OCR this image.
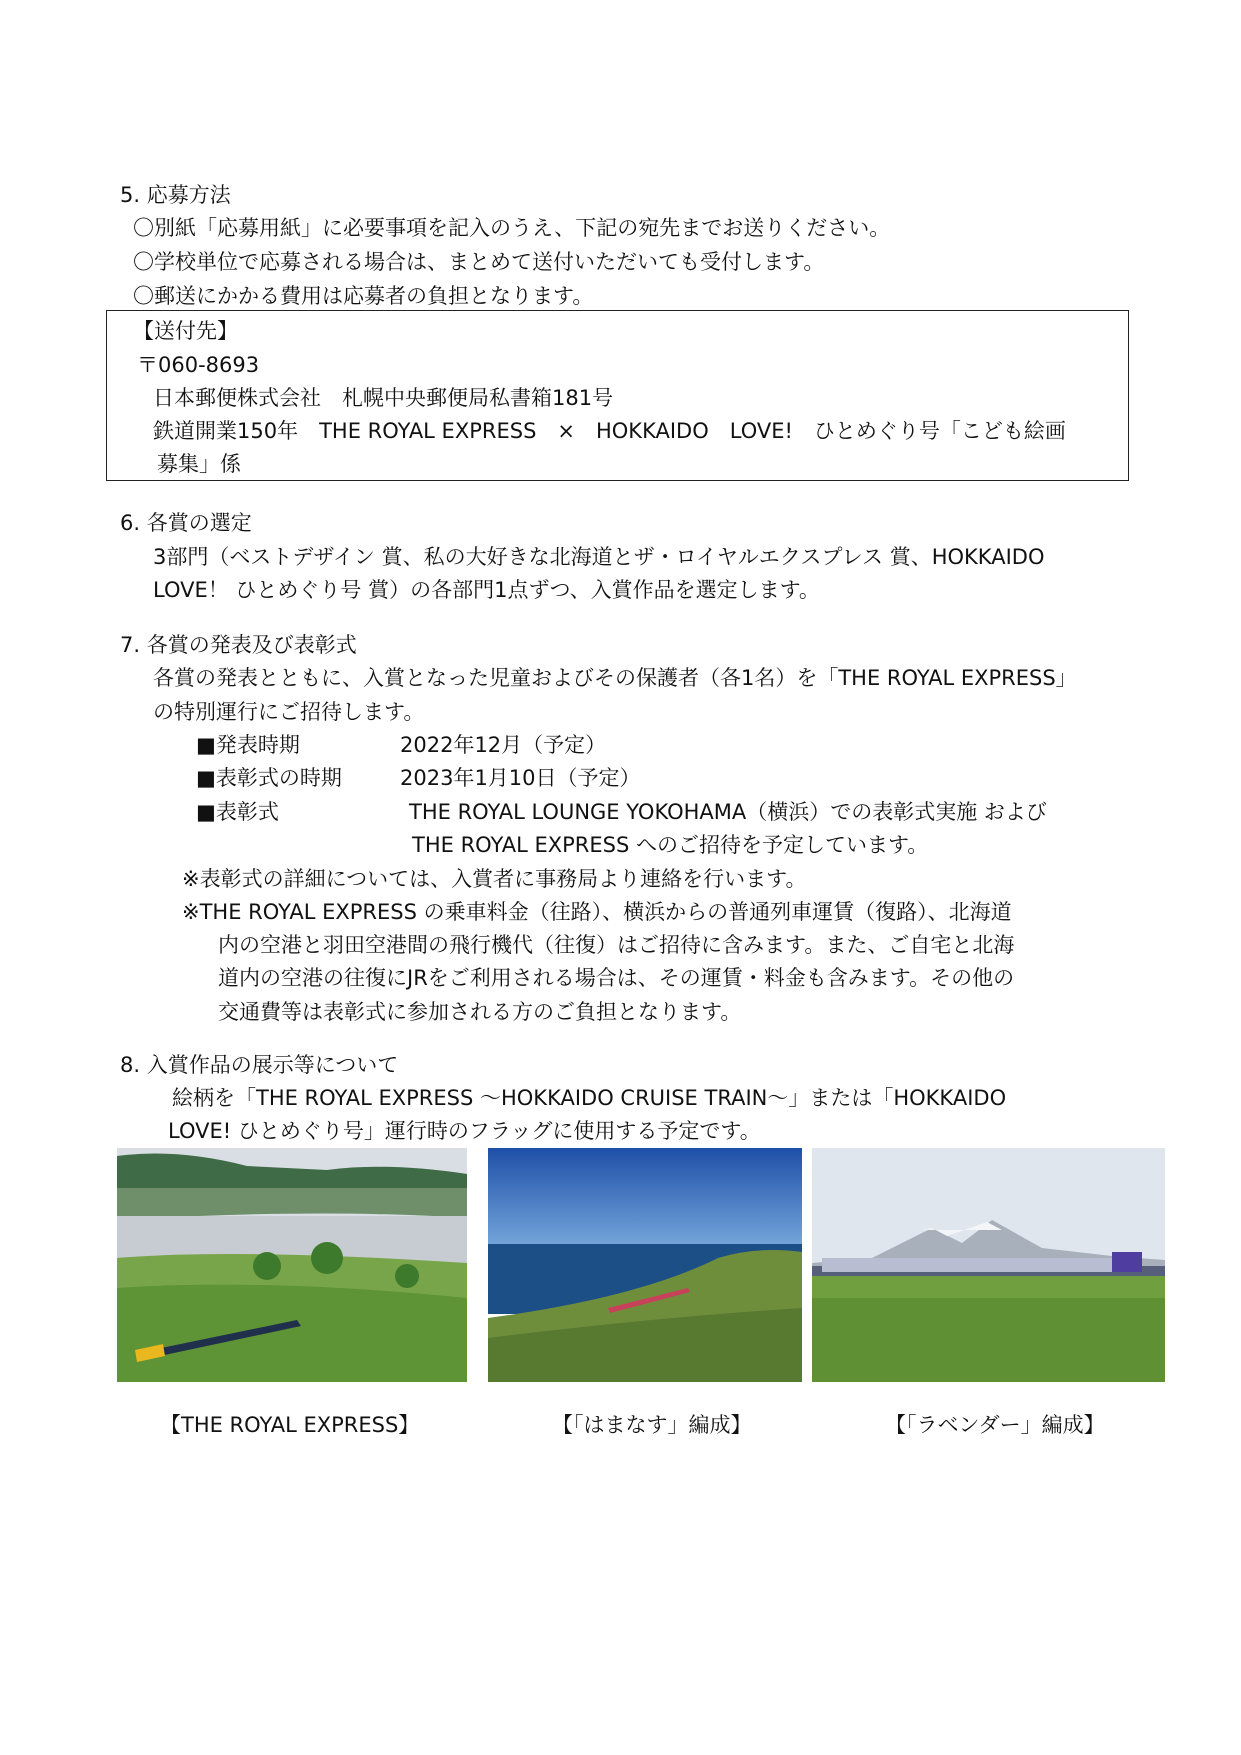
5. 応募方法
〇別紙「応募用紙」に必要事項を記入のうえ、下記の宛先までお送りください。
〇学校単位で応募される場合は、まとめて送付いただいても受付します。
〇郵送にかかる費用は応募者の負担となります。
【送付先】
〒060-8693
日本郵便株式会社　札幌中央郵便局私書箱181号
鉄道開業150年　THE ROYAL EXPRESS　×　HOKKAIDO　LOVE!　ひとめぐり号「こども絵画
募集」係
6. 各賞の選定
3部門（ベストデザイン 賞、私の大好きな北海道とザ・ロイヤルエクスプレス 賞、HOKKAIDO
LOVE！ ひとめぐり号 賞）の各部門1点ずつ、入賞作品を選定します。
7. 各賞の発表及び表彰式
各賞の発表とともに、入賞となった児童およびその保護者（各1名）を「THE ROYAL EXPRESS」
の特別運行にご招待します。
■発表時期	2022年12月（予定）
■表彰式の時期	2023年1月10日（予定）
■表彰式	THE ROYAL LOUNGE YOKOHAMA（横浜）での表彰式実施 および
THE ROYAL EXPRESS へのご招待を予定しています。
※表彰式の詳細については、入賞者に事務局より連絡を行います。
※THE ROYAL EXPRESS の乗車料金（往路）、横浜からの普通列車運賃（復路）、北海道
内の空港と羽田空港間の飛行機代（往復）はご招待に含みます。また、ご自宅と北海
道内の空港の往復にJRをご利用される場合は、その運賃・料金も含みます。その他の
交通費等は表彰式に参加される方のご負担となります。
8. 入賞作品の展示等について
絵柄を「THE ROYAL EXPRESS ～HOKKAIDO CRUISE TRAIN～」または「HOKKAIDO
LOVE! ひとめぐり号」運行時のフラッグに使用する予定です。
【THE ROYAL EXPRESS】	【「はまなす」編成】	【「ラベンダー」編成】
